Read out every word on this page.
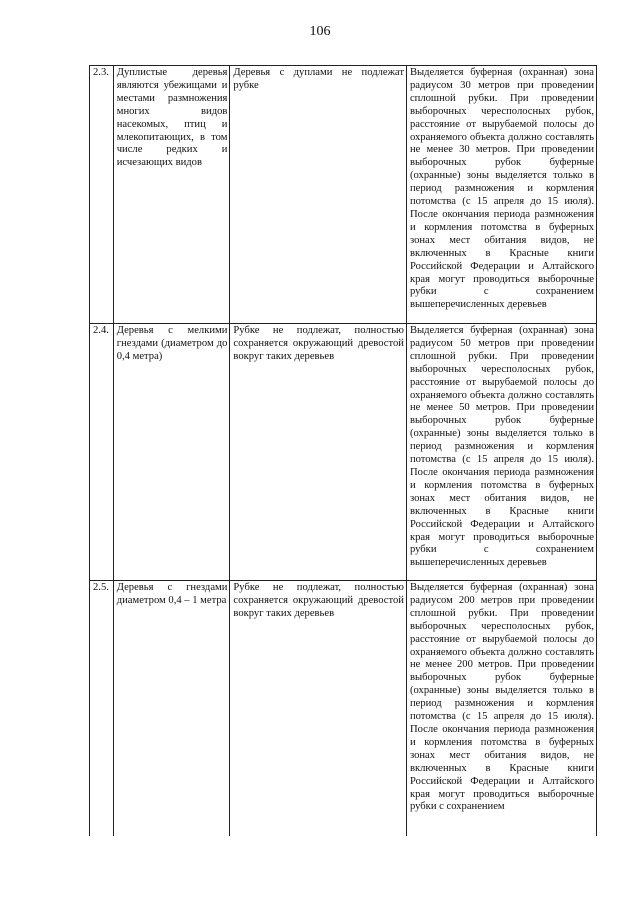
106
2.3.	Дуплистые деревья являются убежищами и местами размножения многих видов насекомых, птиц и млекопитающих, в том числе редких и исчезающих видов	Деревья с дуплами не подлежат рубке	Выделяется буферная (охранная) зона радиусом 30 метров при проведении сплошной рубки. При проведении выборочных чересполосных рубок, расстояние от вырубаемой полосы до охраняемого объекта должно составлять не менее 30 метров. При проведении выборочных рубок буферные (охранные) зоны выделяется только в период размножения и кормления потомства (с 15 апреля до 15 июля). После окончания периода размножения и кормления потомства в буферных зонах мест обитания видов, не включенных в Красные книги Российской Федерации и Алтайского края могут проводиться выборочные рубки с сохранением вышеперечисленных деревьев
2.4.	Деревья с мелкими гнездами (диаметром до 0,4 метра)	Рубке не подлежат, полностью сохраняется окружающий древостой вокруг таких деревьев	Выделяется буферная (охранная) зона радиусом 50 метров при проведении сплошной рубки. При проведении выборочных чересполосных рубок, расстояние от вырубаемой полосы до охраняемого объекта должно составлять не менее 50 метров. При проведении выборочных рубок буферные (охранные) зоны выделяется только в период размножения и кормления потомства (с 15 апреля до 15 июля). После окончания периода размножения и кормления потомства в буферных зонах мест обитания видов, не включенных в Красные книги Российской Федерации и Алтайского края могут проводиться выборочные рубки с сохранением вышеперечисленных деревьев
2.5.	Деревья с гнездами диаметром 0,4 – 1 метра	Рубке не подлежат, полностью сохраняется окружающий древостой вокруг таких деревьев	Выделяется буферная (охранная) зона радиусом 200 метров при проведении сплошной рубки. При проведении выборочных чересполосных рубок, расстояние от вырубаемой полосы до охраняемого объекта должно составлять не менее 200 метров. При проведении выборочных рубок буферные (охранные) зоны выделяется только в период размножения и кормления потомства (с 15 апреля до 15 июля). После окончания периода размножения и кормления потомства в буферных зонах мест обитания видов, не включенных в Красные книги Российской Федерации и Алтайского края могут проводиться выборочные рубки с сохранением
